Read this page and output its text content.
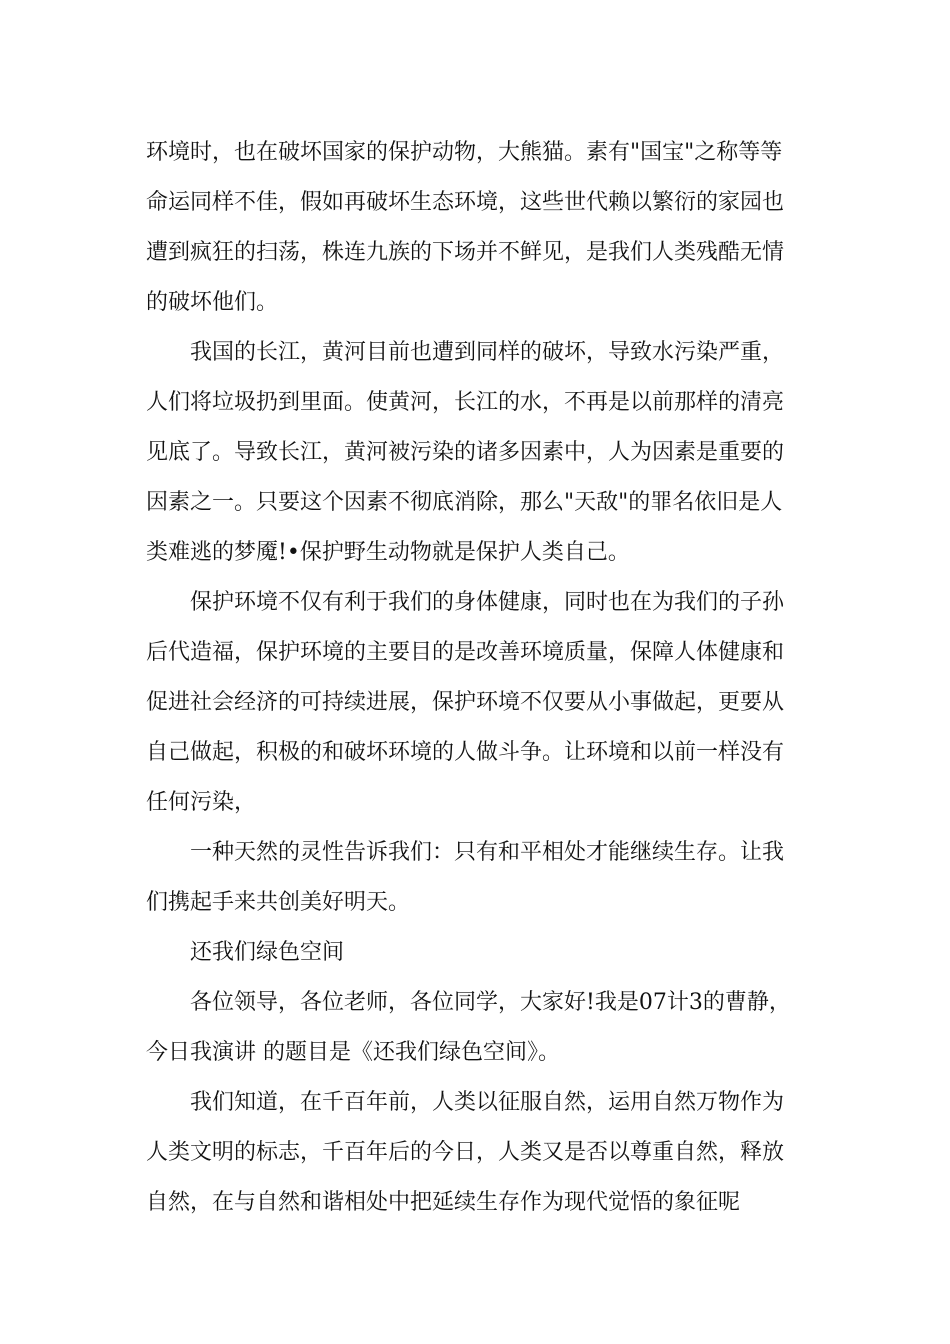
环境时，也在破坏国家的保护动物，大熊猫。素有"国宝"之称等等
命运同样不佳，假如再破坏生态环境，这些世代赖以繁衍的家园也
遭到疯狂的扫荡，株连九族的下场并不鲜见，是我们人类残酷无情
的破坏他们。
我国的长江，黄河目前也遭到同样的破坏，导致水污染严重，
人们将垃圾扔到里面。使黄河，长江的水，不再是以前那样的清亮
见底了。导致长江，黄河被污染的诸多因素中，人为因素是重要的
因素之一。只要这个因素不彻底消除，那么"天敌"的罪名依旧是人
类难逃的梦魇!•保护野生动物就是保护人类自己。
保护环境不仅有利于我们的身体健康，同时也在为我们的子孙
后代造福，保护环境的主要目的是改善环境质量，保障人体健康和
促进社会经济的可持续进展，保护环境不仅要从小事做起，更要从
自己做起，积极的和破坏环境的人做斗争。让环境和以前一样没有
任何污染，
一种天然的灵性告诉我们：只有和平相处才能继续生存。让我
们携起手来共创美好明天。
还我们绿色空间
各位领导，各位老师，各位同学，大家好!我是07计3的曹静，
今日我演讲 的题目是《还我们绿色空间》。
我们知道，在千百年前，人类以征服自然，运用自然万物作为
人类文明的标志，千百年后的今日，人类又是否以尊重自然，释放
自然，在与自然和谐相处中把延续生存作为现代觉悟的象征呢
